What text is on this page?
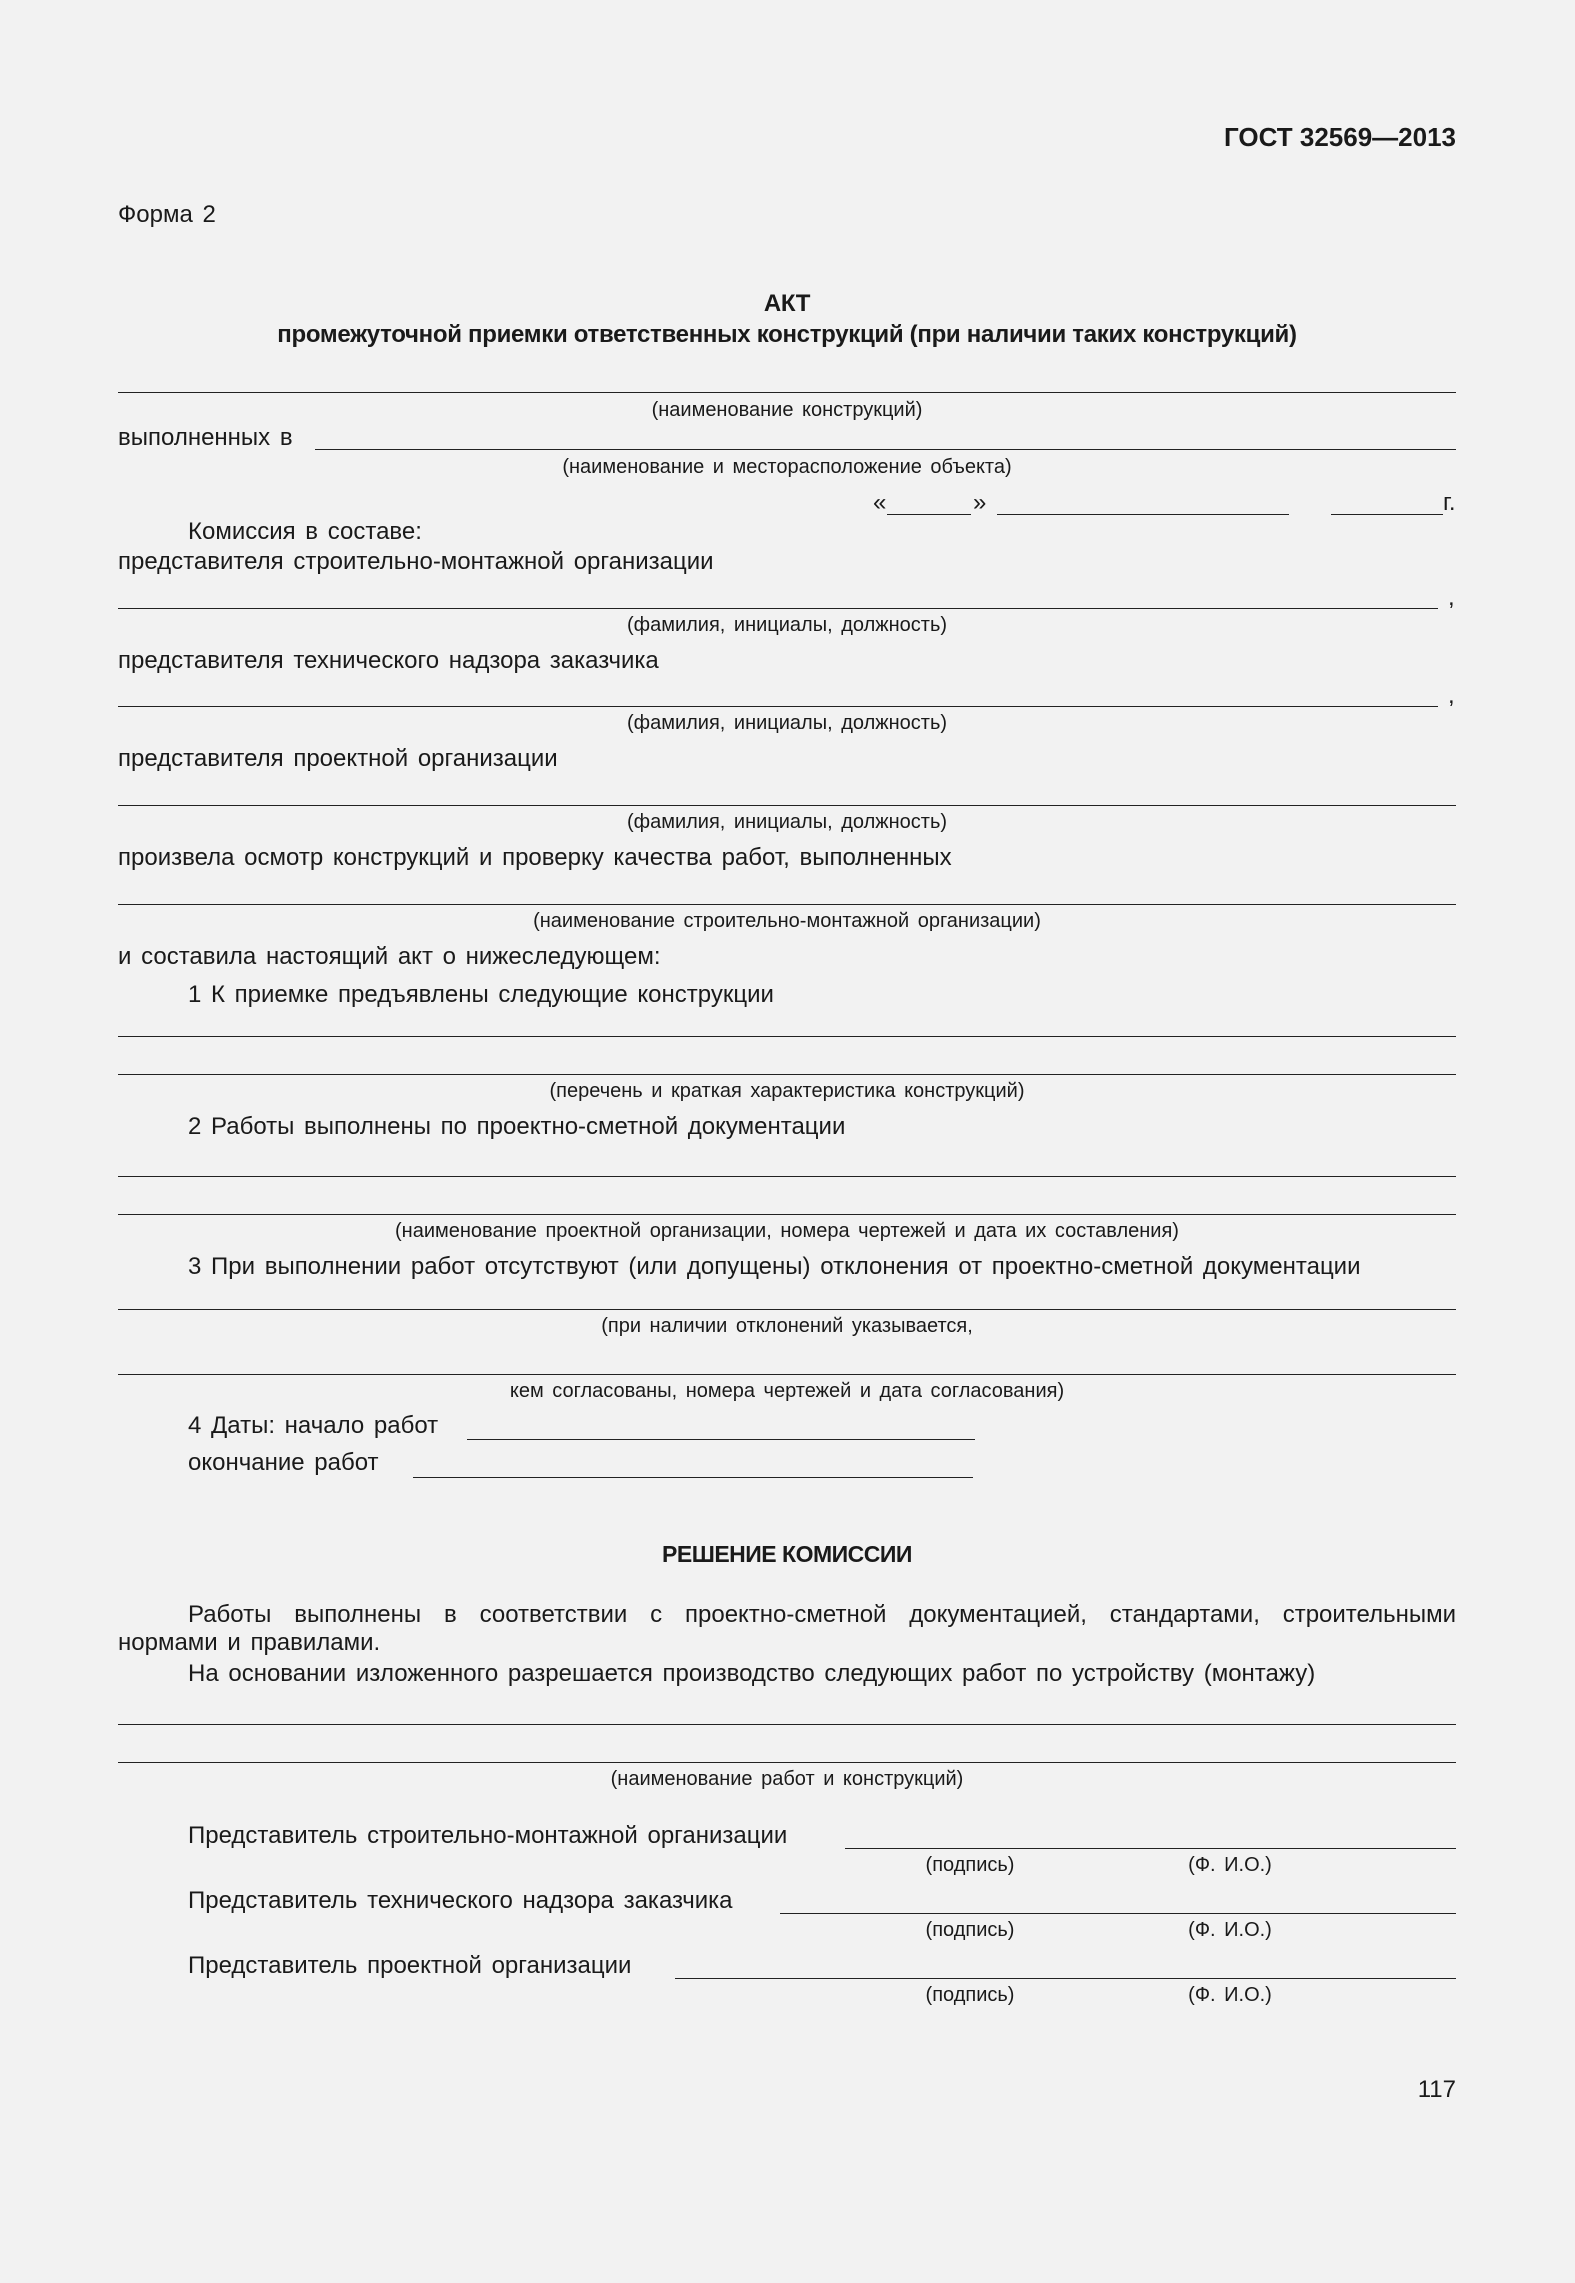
ГОСТ 32569—2013
Форма 2
АКТ
промежуточной приемки ответственных конструкций (при наличии таких конструкций)
(наименование конструкций)
выполненных в
(наименование и месторасположение объекта)
«	»	г.
Комиссия в составе:
представителя строительно-монтажной организации
,
(фамилия, инициалы, должность)
представителя технического надзора заказчика
,
(фамилия, инициалы, должность)
представителя проектной организации
(фамилия, инициалы, должность)
произвела осмотр конструкций и проверку качества работ, выполненных
(наименование строительно-монтажной организации)
и составила настоящий акт о нижеследующем:
1 К приемке предъявлены следующие конструкции
(перечень и краткая характеристика конструкций)
2 Работы выполнены по проектно-сметной документации
(наименование проектной организации, номера чертежей и дата их составления)
3 При выполнении работ отсутствуют (или допущены) отклонения от проектно-сметной документации
(при наличии отклонений указывается,
кем согласованы, номера чертежей и дата согласования)
4 Даты: начало работ
окончание работ
РЕШЕНИЕ КОМИССИИ
Работы выполнены в соответствии с проектно-сметной документацией, стандартами, строительными нормами и правилами.
На основании изложенного разрешается производство следующих работ по устройству (монтажу)
(наименование работ и конструкций)
Представитель строительно-монтажной организации
(подпись)	(Ф. И.О.)
Представитель технического надзора заказчика
(подпись)	(Ф. И.О.)
Представитель проектной организации
(подпись)	(Ф. И.О.)
117
